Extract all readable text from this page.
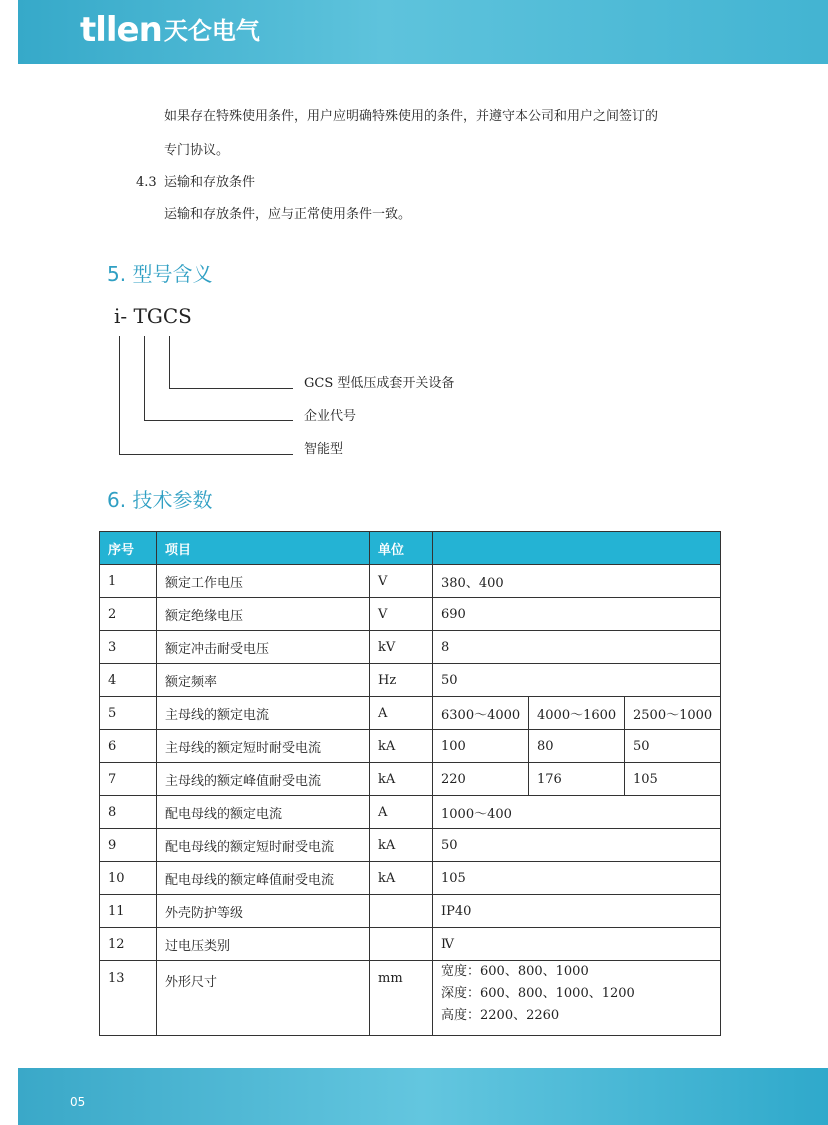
tllen天仑电气
如果存在特殊使用条件，用户应明确特殊使用的条件，并遵守本公司和用户之间签订的
专门协议。
4.3 运输和存放条件
运输和存放条件，应与正常使用条件一致。
5. 型号含义
i- TGCS
GCS 型低压成套开关设备
企业代号
智能型
6. 技术参数
序号	项目	单位			
1	额定工作电压	V	380、400		
2	额定绝缘电压	V	690		
3	额定冲击耐受电压	kV	8		
4	额定频率	Hz	50		
5	主母线的额定电流	A	6300～4000	4000～1600	2500～1000
6	主母线的额定短时耐受电流	kA	100	80	50
7	主母线的额定峰值耐受电流	kA	220	176	105
8	配电母线的额定电流	A	1000～400		
9	配电母线的额定短时耐受电流	kA	50		
10	配电母线的额定峰值耐受电流	kA	105		
11	外壳防护等级		IP40		
12	过电压类别		Ⅳ		
13	外形尺寸	mm	宽度：600、800、1000
深度：600、800、1000、1200
高度：2200、2260		
05
